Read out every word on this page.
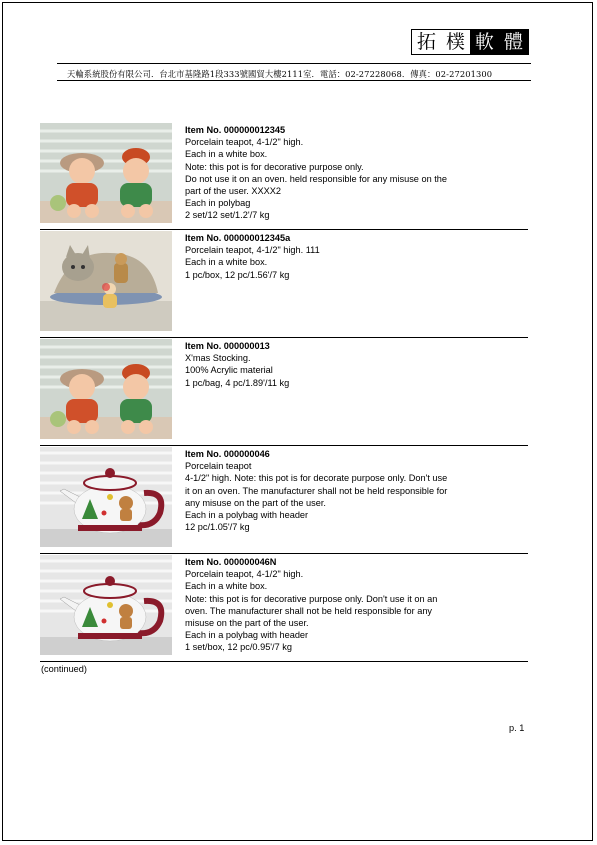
拓 樸 軟 體
天輪系統股份有限公司．台北市基隆路1段333號國貿大樓2111室．電話：02-27228068．傳真：02-27201300
Item No. 000000012345
Porcelain teapot, 4-1/2" high.
Each in a white box.
Note: this pot is for decorative purpose only.
Do not use it on an oven. held responsible for any misuse on the
part of the user. XXXX2
Each in polybag
2 set/12 set/1.2'/7 kg
Item No. 000000012345a
Porcelain teapot, 4-1/2" high. 111
Each in a white box.
1 pc/box, 12 pc/1.56'/7 kg
Item No. 000000013
X'mas Stocking.
100% Acrylic material
1 pc/bag, 4 pc/1.89'/11 kg
Item No. 000000046
Porcelain teapot
4-1/2" high. Note: this pot is for decorate purpose only. Don't use
it on an oven. The manufacturer shall not be held responsible for
any misuse on the part of the user.
Each in a polybag with header
12 pc/1.05'/7 kg
Item No. 000000046N
Porcelain teapot, 4-1/2" high.
Each in a white box.
Note: this pot is for decorative purpose only. Don't use it on an
oven. The manufacturer shall not be held responsible for any
misuse on the part of the user.
Each in a polybag with header
1 set/box, 12 pc/0.95'/7 kg
(continued)
p. 1
